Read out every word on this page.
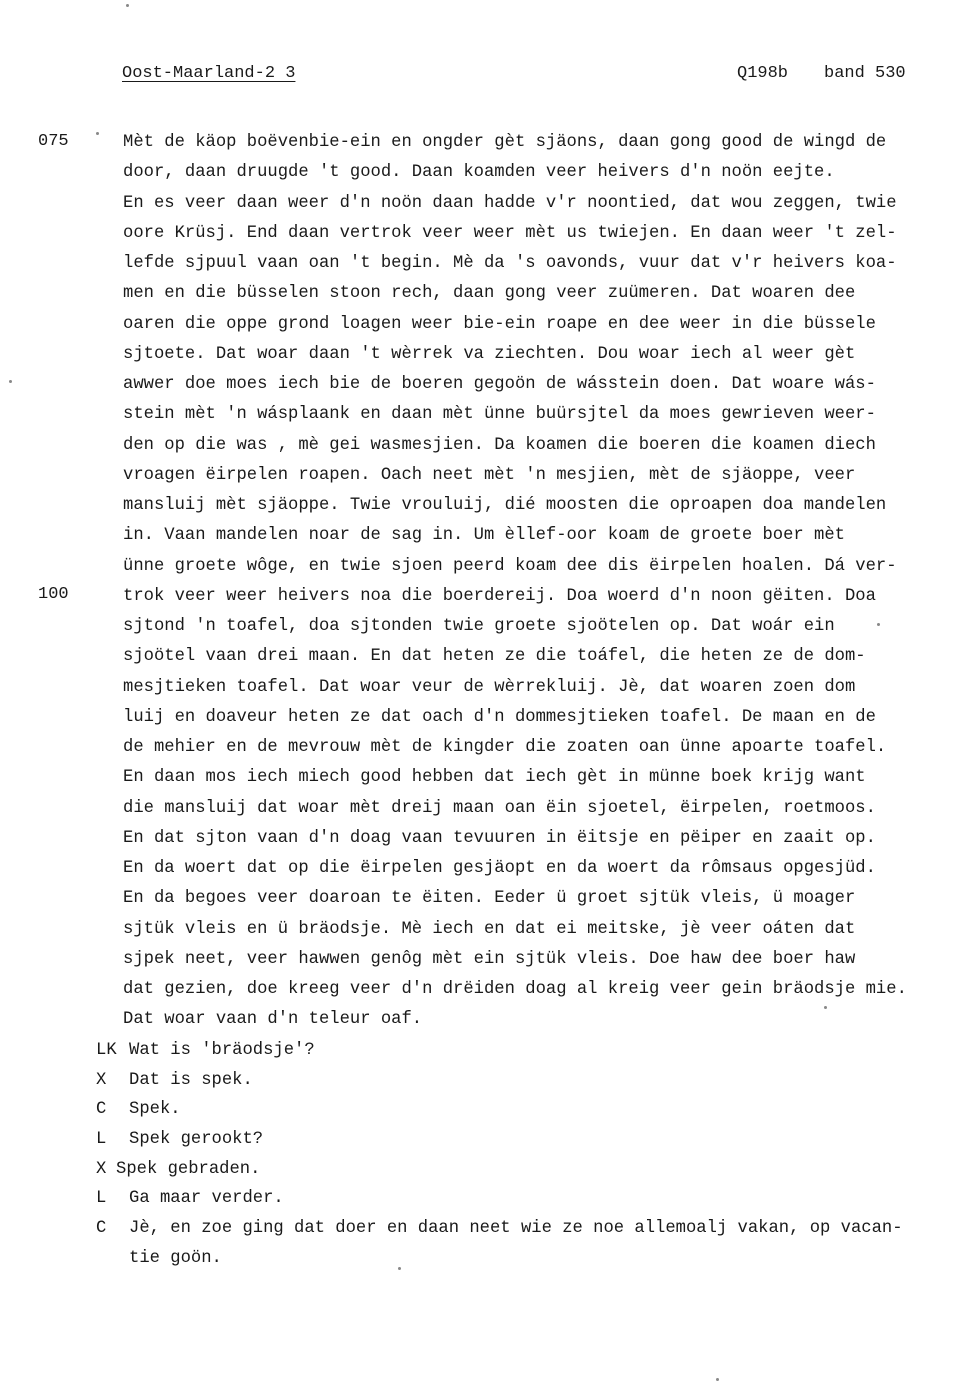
Oost-Maarland-2 3	Q198b band 530
075
100
Mèt de käop boëvenbie-ein en ongder gèt sjäons, daan gong good de wingd de
door, daan druugde 't good. Daan koamden veer heivers d'n noön eejte.
En es veer daan weer d'n noön daan hadde v'r noontied, dat wou zeggen, twie
oore Krüsj. End daan vertrok veer weer mèt us twiejen. En daan weer 't zel-
lefde sjpuul vaan oan 't begin. Mè da 's oavonds, vuur dat v'r heivers koa-
men en die büsselen stoon rech, daan gong veer zuümeren. Dat woaren dee
oaren die oppe grond loagen weer bie-ein roape en dee weer in die büssele
sjtoete. Dat woar daan 't wèrrek va ziechten. Dou woar iech al weer gèt
awwer doe moes iech bie de boeren gegoön de wásstein doen. Dat woare wás-
stein mèt 'n wásplaank en daan mèt ünne buürsjtel da moes gewrieven weer-
den op die was , mè gei wasmesjien. Da koamen die boeren die koamen diech
vroagen ëirpelen roapen. Oach neet mèt 'n mesjien, mèt de sjäoppe, veer
mansluij mèt sjäoppe. Twie vrouluij, dié moosten die oproapen doa mandelen
in. Vaan mandelen noar de sag in. Um èllef-oor koam de groete boer mèt
ünne groete wôge, en twie sjoen peerd koam dee dis ëirpelen hoalen. Dá ver-
trok veer weer heivers noa die boerdereij. Doa woerd d'n noon gëiten. Doa
sjtond 'n toafel, doa sjtonden twie groete sjoötelen op. Dat woár ein
sjoötel vaan drei maan. En dat heten ze die toáfel, die heten ze de dom-
mesjtieken toafel. Dat woar veur de wèrrekluij. Jè, dat woaren zoen dom
luij en doaveur heten ze dat oach d'n dommesjtieken toafel. De maan en de
de mehier en de mevrouw mèt de kingder die zoaten oan ünne apoarte toafel.
En daan mos iech miech good hebben dat iech gèt in münne boek krijg want
die mansluij dat woar mèt dreij maan oan ëin sjoetel, ëirpelen, roetmoos.
En dat sjton vaan d'n doag vaan tevuuren in ëitsje en pëiper en zaait op.
En da woert dat op die ëirpelen gesjäopt en da woert da rômsaus opgesjüd.
En da begoes veer doaroan te ëiten. Eeder ü groet sjtük vleis, ü moager
sjtük vleis en ü bräodsje. Mè iech en dat ei meitske, jè veer oáten dat
sjpek neet, veer hawwen genôg mèt ein sjtük vleis. Doe haw dee boer haw
dat gezien, doe kreeg veer d'n drëiden doag al kreig veer gein bräodsje mie.
Dat woar vaan d'n teleur oaf.
LK Wat is 'bräodsje'?
X	Dat is spek.
C	Spek.
L	Spek gerookt?
X Spek gebraden.
L	Ga maar verder.
C	Jè, en zoe ging dat doer en daan neet wie ze noe allemoalj vakan, op vacan-
tie goön.
